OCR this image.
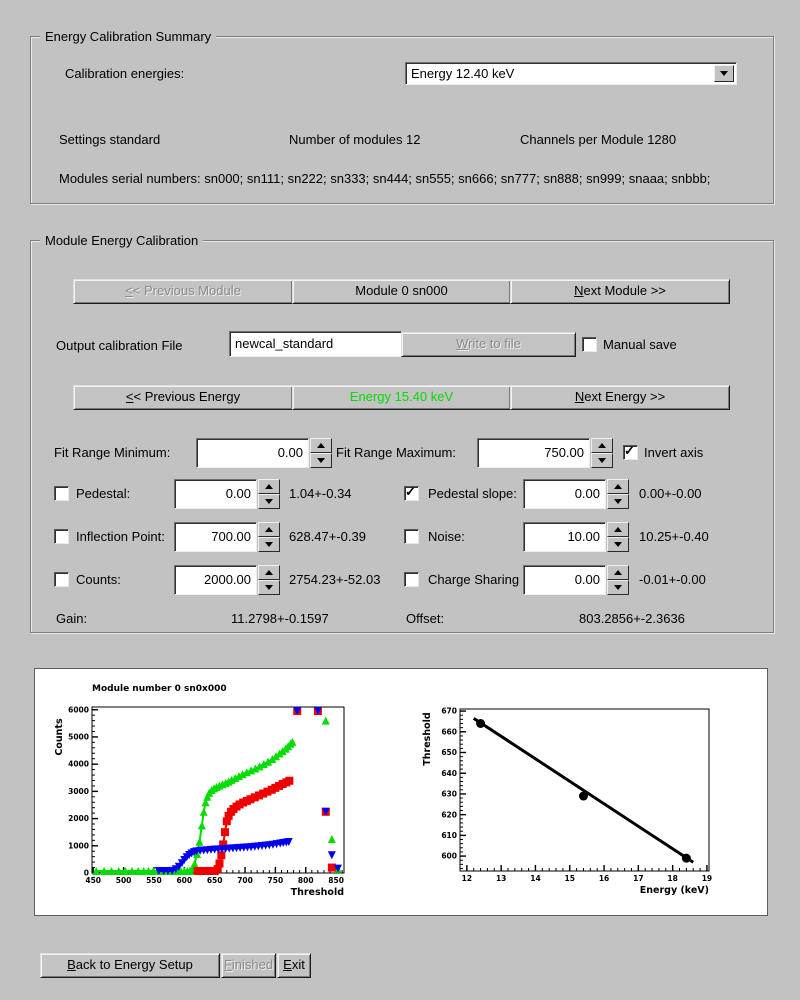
Energy Calibration Summary
Calibration energies:	Energy 12.40 keV
Settings standard	Number of modules 12	Channels per Module 1280
Modules serial numbers: sn000; sn111; sn222; sn333; sn444; sn555; sn666; sn777; sn888; sn999; snaaa; snbbb;
Module Energy Calibration
<< Previous Module	Module 0 sn000	Next Module >>
Output calibration File	newcal_standard	Write to file	Manual save
<< Previous Energy	Energy 15.40 keV	Next Energy >>
Fit Range Minimum:	0.00	Fit Range Maximum:	750.00	✓ Invert axis
Pedestal:	0.00	1.04+-0.34	✓ Pedestal slope:	0.00	0.00+-0.00
Inflection Point:	700.00	628.47+-0.39	Noise:	10.00	10.25+-0.40
Counts:	2000.00	2754.23+-52.03	Charge Sharing	0.00	-0.01+-0.00
Gain:	11.2798+-0.1597	Offset:	803.2856+-2.3636
450 500 550 600 650 700 750 800 850
0
1000
2000
3000
4000
5000
6000
Module number 0 sn0x000
Threshold
Counts
12	13	14	15	16	17	18	19
600
610
620
630
640
650
660
670
Energy (keV)
Threshold
Back to Energy Setup	Finished Exit
